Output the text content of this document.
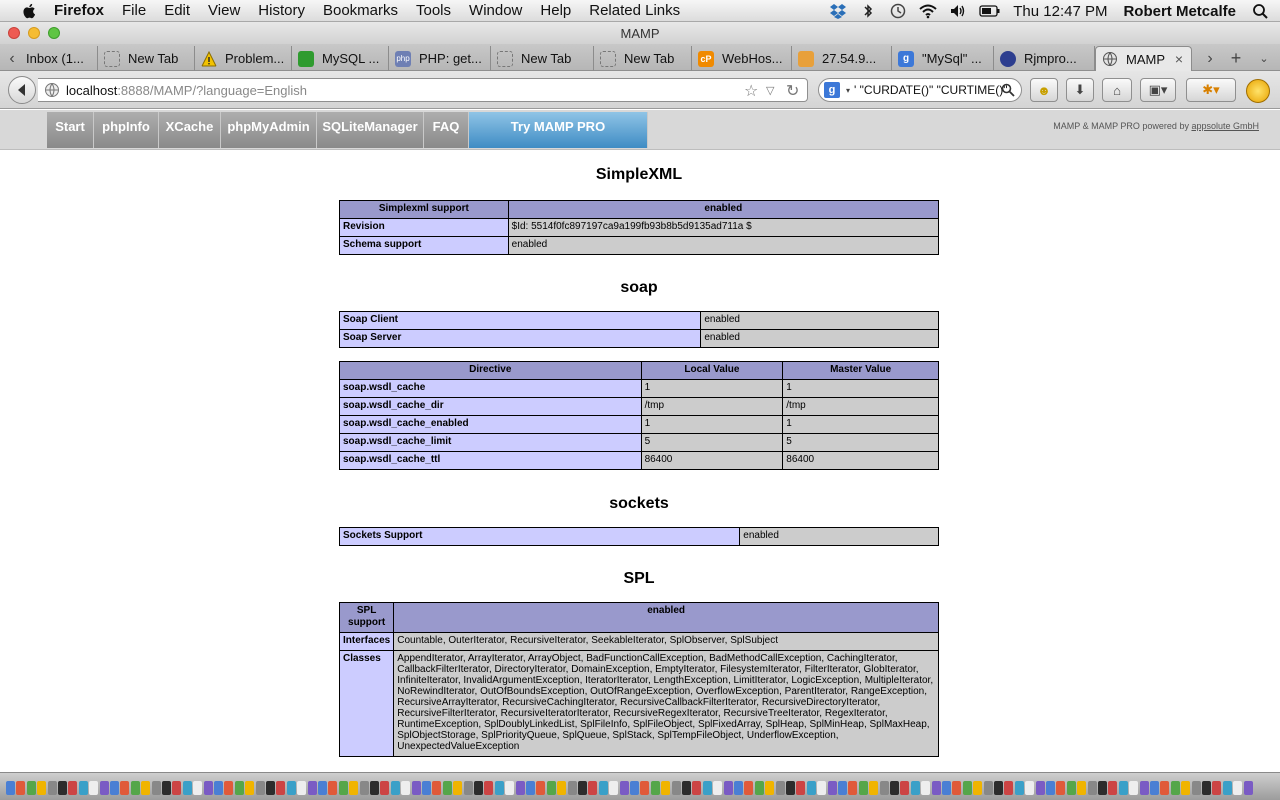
Firefox File Edit View History Bookmarks Tools Window Help Related Links	Thu 12:47 PM Robert Metcalfe
MAMP
‹ Inbox (1...	New Tab	Problem...	MySQL ... php PHP: get...	New Tab	New Tab	cP WebHos...	27.54.9...	g "MySql" ...	Rjmpro...	MAMP ×	›	+	⌄
localhost :8888/MAMP/?language=English	☆ ▽ ↻	g	▾ ' "CURDATE()" "CURTIME()" ☻ ⬇ ⌂ ▣▾	✱▾
Start	phpInfo	XCache	phpMyAdmin SQLiteManager	FAQ	Try MAMP PRO	MAMP & MAMP PRO powered by appsolute GmbH
SimpleXML
Simplexml support	enabled
Revision	$Id: 5514f0fc897197ca9a199fb93b8b5d9135ad711a $
Schema support	enabled
soap
Soap Client	enabled
Soap Server	enabled
Directive	Local Value	Master Value
soap.wsdl_cache	1	1
soap.wsdl_cache_dir	/tmp	/tmp
soap.wsdl_cache_enabled	1	1
soap.wsdl_cache_limit	5	5
soap.wsdl_cache_ttl	86400	86400
sockets
Sockets Support	enabled
SPL
SPL support	enabled
Interfaces	Countable, OuterIterator, RecursiveIterator, SeekableIterator, SplObserver, SplSubject
Classes	AppendIterator, ArrayIterator, ArrayObject, BadFunctionCallException, BadMethodCallException, CachingIterator, CallbackFilterIterator, DirectoryIterator, DomainException, EmptyIterator, FilesystemIterator, FilterIterator, GlobIterator, InfiniteIterator, InvalidArgumentException, IteratorIterator, LengthException, LimitIterator, LogicException, MultipleIterator, NoRewindIterator, OutOfBoundsException, OutOfRangeException, OverflowException, ParentIterator, RangeException, RecursiveArrayIterator, RecursiveCachingIterator, RecursiveCallbackFilterIterator, RecursiveDirectoryIterator, RecursiveFilterIterator, RecursiveIteratorIterator, RecursiveRegexIterator, RecursiveTreeIterator, RegexIterator, RuntimeException, SplDoublyLinkedList, SplFileInfo, SplFileObject, SplFixedArray, SplHeap, SplMinHeap, SplMaxHeap, SplObjectStorage, SplPriorityQueue, SplQueue, SplStack, SplTempFileObject, UnderflowException, UnexpectedValueException
